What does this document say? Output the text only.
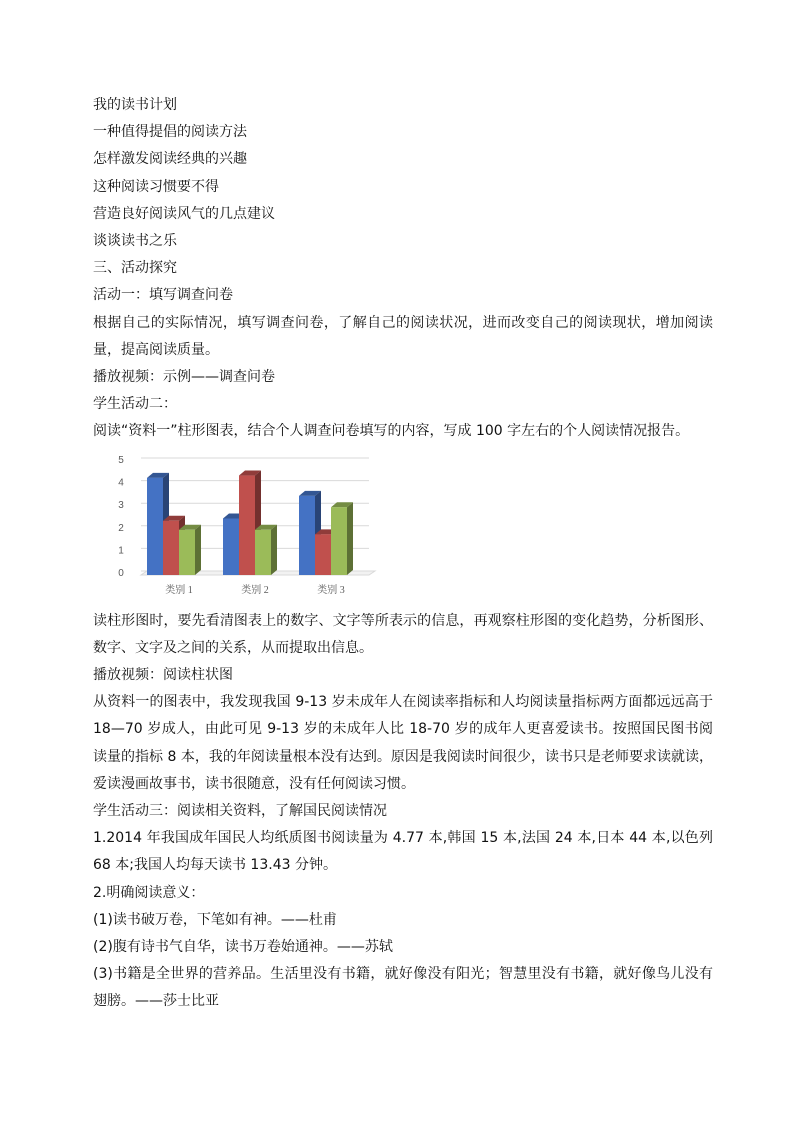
我的读书计划
一种值得提倡的阅读方法
怎样激发阅读经典的兴趣
这种阅读习惯要不得
营造良好阅读风气的几点建议
谈谈读书之乐
三、活动探究
活动一：填写调查问卷
根据自己的实际情况，填写调查问卷，了解自己的阅读状况，进而改变自己的阅读现状，增加阅读量，提高阅读质量。
播放视频：示例——调查问卷
学生活动二：
阅读“资料一”柱形图表，结合个人调查问卷填写的内容，写成 100 字左右的个人阅读情况报告。
0
1
2
3
4
5
类别 1	类别 2	类别 3
读柱形图时，要先看清图表上的数字、文字等所表示的信息，再观察柱形图的变化趋势，分析图形、数字、文字及之间的关系，从而提取出信息。
播放视频：阅读柱状图
从资料一的图表中，我发现我国 9-13 岁未成年人在阅读率指标和人均阅读量指标两方面都远远高于 18—70 岁成人，由此可见 9-13 岁的未成年人比 18-70 岁的成年人更喜爱读书。按照国民图书阅读量的指标 8 本，我的年阅读量根本没有达到。原因是我阅读时间很少，读书只是老师要求读就读，爱读漫画故事书，读书很随意，没有任何阅读习惯。
学生活动三：阅读相关资料，了解国民阅读情况
1.2014 年我国成年国民人均纸质图书阅读量为 4.77 本,韩国 15 本,法国 24 本,日本 44 本,以色列 68 本;我国人均每天读书 13.43 分钟。
2.明确阅读意义：
(1)读书破万卷，下笔如有神。——杜甫
(2)腹有诗书气自华，读书万卷始通神。——苏轼
(3)书籍是全世界的营养品。生活里没有书籍，就好像没有阳光；智慧里没有书籍，就好像鸟儿没有翅膀。——莎士比亚
